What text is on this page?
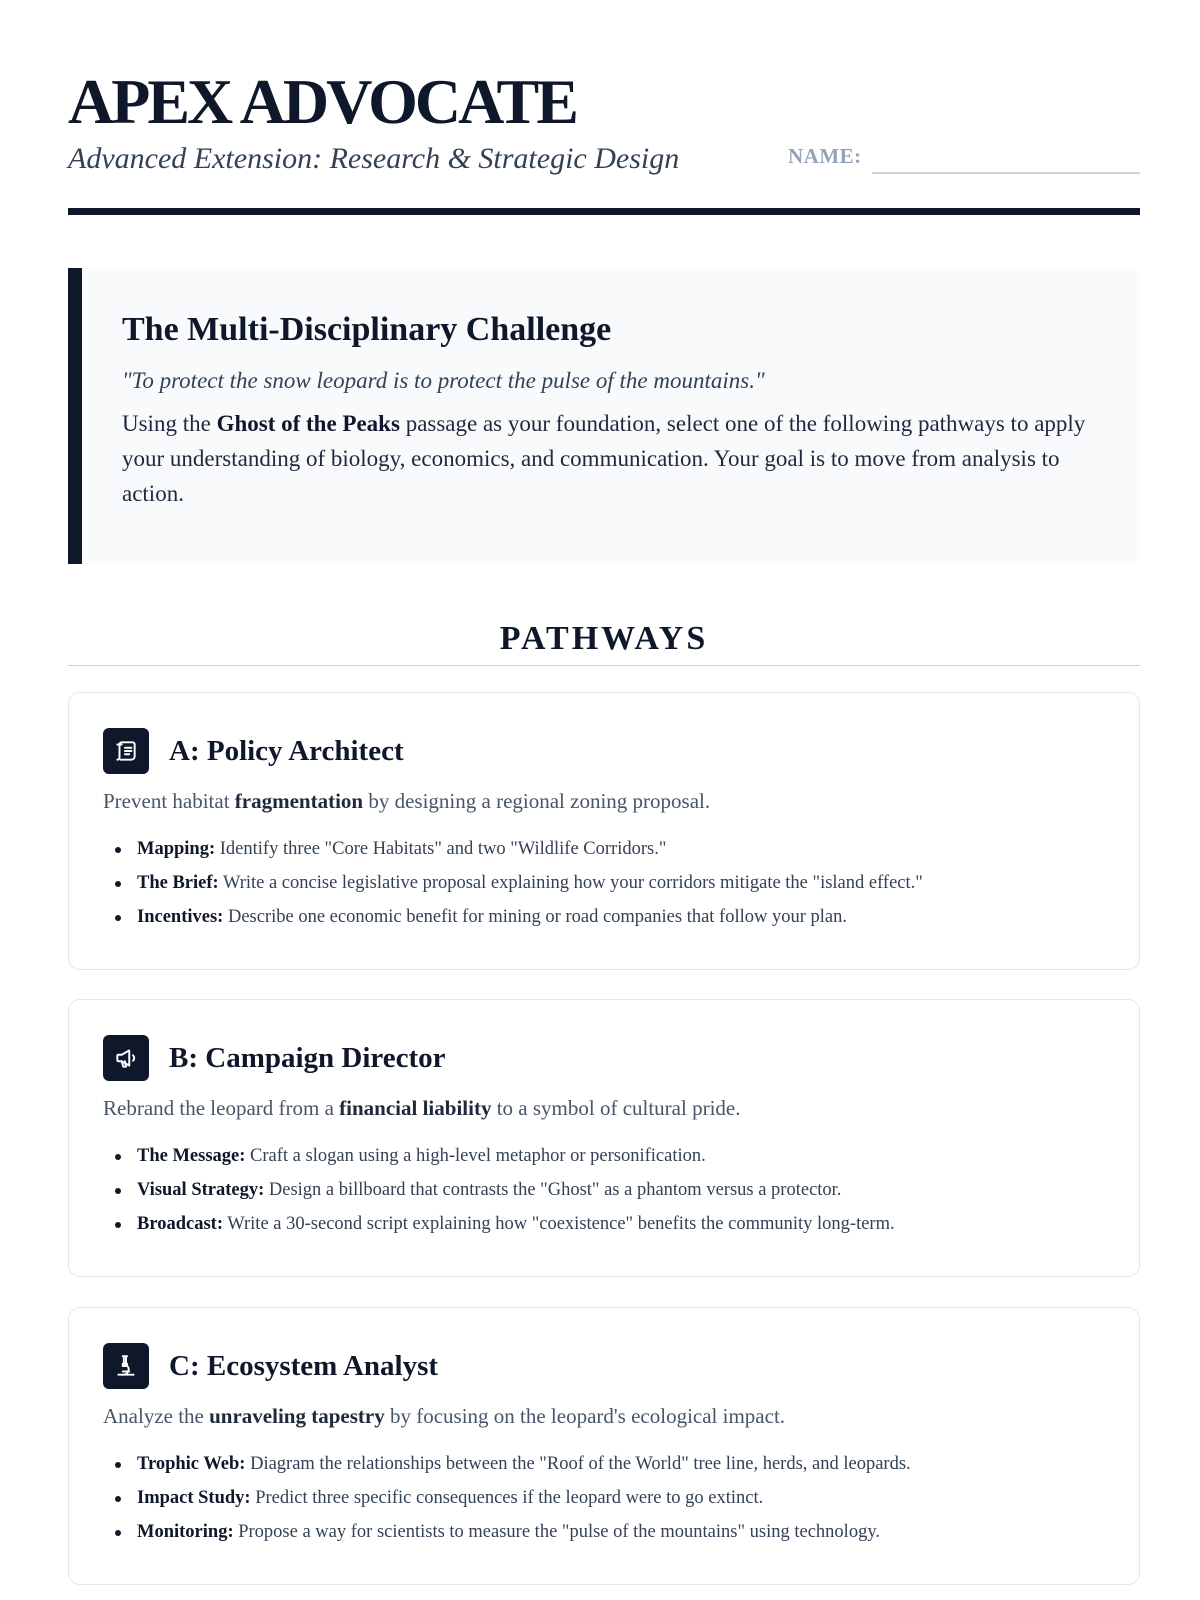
APEX ADVOCATE
Advanced Extension: Research & Strategic Design	NAME:
The Multi-Disciplinary Challenge
"To protect the snow leopard is to protect the pulse of the mountains."
Using the Ghost of the Peaks passage as your foundation, select one of the following pathways to apply your understanding of biology, economics, and communication. Your goal is to move from analysis to action.
PATHWAYS
A: Policy Architect
Prevent habitat fragmentation by designing a regional zoning proposal.
Mapping: Identify three "Core Habitats" and two "Wildlife Corridors."
The Brief: Write a concise legislative proposal explaining how your corridors mitigate the "island effect."
Incentives: Describe one economic benefit for mining or road companies that follow your plan.
B: Campaign Director
Rebrand the leopard from a financial liability to a symbol of cultural pride.
The Message: Craft a slogan using a high-level metaphor or personification.
Visual Strategy: Design a billboard that contrasts the "Ghost" as a phantom versus a protector.
Broadcast: Write a 30-second script explaining how "coexistence" benefits the community long-term.
C: Ecosystem Analyst
Analyze the unraveling tapestry by focusing on the leopard's ecological impact.
Trophic Web: Diagram the relationships between the "Roof of the World" tree line, herds, and leopards.
Impact Study: Predict three specific consequences if the leopard were to go extinct.
Monitoring: Propose a way for scientists to measure the "pulse of the mountains" using technology.
